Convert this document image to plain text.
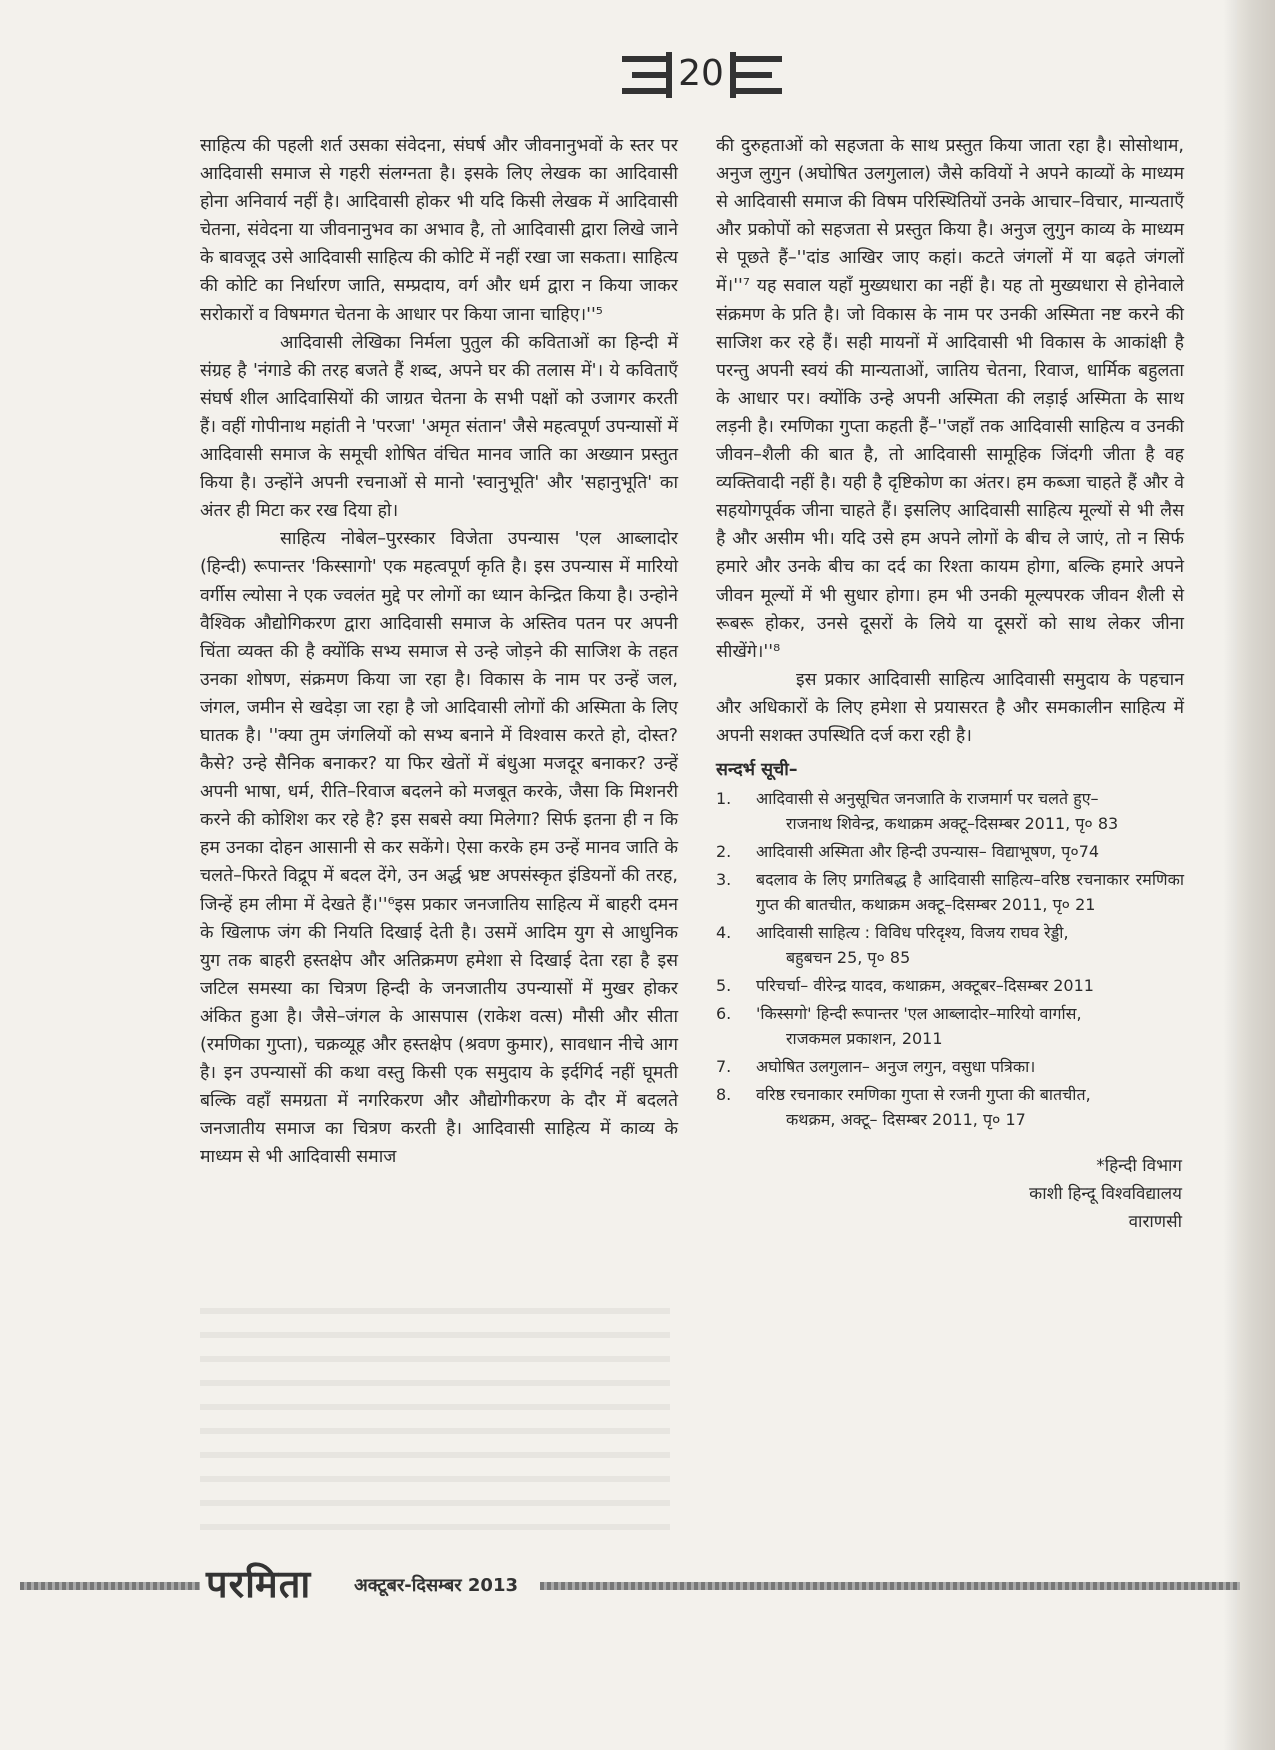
20

साहित्य की पहली शर्त उसका संवेदना, संघर्ष और जीवनानुभवों के स्तर पर आदिवासी समाज से गहरी संलग्नता है। इसके लिए लेखक का आदिवासी होना अनिवार्य नहीं है। आदिवासी होकर भी यदि किसी लेखक में आदिवासी चेतना, संवेदना या जीवनानुभव का अभाव है, तो आदिवासी द्वारा लिखे जाने के बावजूद उसे आदिवासी साहित्य की कोटि में नहीं रखा जा सकता। साहित्य की कोटि का निर्धारण जाति, सम्प्रदाय, वर्ग और धर्म द्वारा न किया जाकर सरोकारों व विषमगत चेतना के आधार पर किया जाना चाहिए।''⁵

आदिवासी लेखिका निर्मला पुतुल की कविताओं का हिन्दी में संग्रह है 'नंगाडे की तरह बजते हैं शब्द, अपने घर की तलास में'। ये कविताएँ संघर्ष शील आदिवासियों की जाग्रत चेतना के सभी पक्षों को उजागर करती हैं। वहीं गोपीनाथ महांती ने 'परजा' 'अमृत संतान' जैसे महत्वपूर्ण उपन्यासों में आदिवासी समाज के समूची शोषित वंचित मानव जाति का अख्यान प्रस्तुत किया है। उन्होंने अपनी रचनाओं से मानो 'स्वानुभूति' और 'सहानुभूति' का अंतर ही मिटा कर रख दिया हो।

साहित्य नोबेल–पुरस्कार विजेता उपन्यास 'एल आब्लादोर (हिन्दी) रूपान्तर 'किस्सागो' एक महत्वपूर्ण कृति है। इस उपन्यास में मारियो वर्गीस ल्योसा ने एक ज्वलंत मुद्दे पर लोगों का ध्यान केन्द्रित किया है। उन्होने वैश्विक औद्योगिकरण द्वारा आदिवासी समाज के अस्तिव पतन पर अपनी चिंता व्यक्त की है क्योंकि सभ्य समाज से उन्हे जोड़ने की साजिश के तहत उनका शोषण, संक्रमण किया जा रहा है। विकास के नाम पर उन्हें जल, जंगल, जमीन से खदेड़ा जा रहा है जो आदिवासी लोगों की अस्मिता के लिए घातक है। ''क्या तुम जंगलियों को सभ्य बनाने में विश्वास करते हो, दोस्त? कैसे? उन्हे सैनिक बनाकर? या फिर खेतों में बंधुआ मजदूर बनाकर? उन्हें अपनी भाषा, धर्म, रीति–रिवाज बदलने को मजबूत करके, जैसा कि मिशनरी करने की कोशिश कर रहे है? इस सबसे क्या मिलेगा? सिर्फ इतना ही न कि हम उनका दोहन आसानी से कर सकेंगे। ऐसा करके हम उन्हें मानव जाति के चलते–फिरते विद्रूप में बदल देंगे, उन अर्द्ध भ्रष्ट अपसंस्कृत इंडियनों की तरह, जिन्हें हम लीमा में देखते हैं।''⁶इस प्रकार जनजातिय साहित्य में बाहरी दमन के खिलाफ जंग की नियति दिखाई देती है। उसमें आदिम युग से आधुनिक युग तक बाहरी हस्तक्षेप और अतिक्रमण हमेशा से दिखाई देता रहा है इस जटिल समस्या का चित्रण हिन्दी के जनजातीय उपन्यासों में मुखर होकर अंकित हुआ है। जैसे–जंगल के आसपास (राकेश वत्स) मौसी और सीता (रमणिका गुप्ता), चक्रव्यूह और हस्तक्षेप (श्रवण कुमार), सावधान नीचे आग है। इन उपन्यासों की कथा वस्तु किसी एक समुदाय के इर्दगिर्द नहीं घूमती बल्कि वहाँ समग्रता में नगरिकरण और औद्योगीकरण के दौर में बदलते जनजातीय समाज का चित्रण करती है। आदिवासी साहित्य में काव्य के माध्यम से भी आदिवासी समाज

की दुरुहताओं को सहजता के साथ प्रस्तुत किया जाता रहा है। सोसोथाम, अनुज लुगुन (अघोषित उलगुलाल) जैसे कवियों ने अपने काव्यों के माध्यम से आदिवासी समाज की विषम परिस्थितियों उनके आचार–विचार, मान्यताएँ और प्रकोपों को सहजता से प्रस्तुत किया है। अनुज लुगुन काव्य के माध्यम से पूछते हैं–''दांड आखिर जाए कहां। कटते जंगलों में या बढ़ते जंगलों में।''⁷ यह सवाल यहाँ मुख्यधारा का नहीं है। यह तो मुख्यधारा से होनेवाले संक्रमण के प्रति है। जो विकास के नाम पर उनकी अस्मिता नष्ट करने की साजिश कर रहे हैं। सही मायनों में आदिवासी भी विकास के आकांक्षी है परन्तु अपनी स्वयं की मान्यताओं, जातिय चेतना, रिवाज, धार्मिक बहुलता के आधार पर। क्योंकि उन्हे अपनी अस्मिता की लड़ाई अस्मिता के साथ लड़नी है। रमणिका गुप्ता कहती हैं–''जहाँ तक आदिवासी साहित्य व उनकी जीवन–शैली की बात है, तो आदिवासी सामूहिक जिंदगी जीता है वह व्यक्तिवादी नहीं है। यही है दृष्टिकोण का अंतर। हम कब्जा चाहते हैं और वे सहयोगपूर्वक जीना चाहते हैं। इसलिए आदिवासी साहित्य मूल्यों से भी लैस है और असीम भी। यदि उसे हम अपने लोगों के बीच ले जाएं, तो न सिर्फ हमारे और उनके बीच का दर्द का रिश्ता कायम होगा, बल्कि हमारे अपने जीवन मूल्यों में भी सुधार होगा। हम भी उनकी मूल्यपरक जीवन शैली से रूबरू होकर, उनसे दूसरों के लिये या दूसरों को साथ लेकर जीना सीखेंगे।''⁸

इस प्रकार आदिवासी साहित्य आदिवासी समुदाय के पहचान और अधिकारों के लिए हमेशा से प्रयासरत है और समकालीन साहित्य में अपनी सशक्त उपस्थिति दर्ज करा रही है।

सन्दर्भ सूची–
1. आदिवासी से अनुसूचित जनजाति के राजमार्ग पर चलते हुए–
राजनाथ शिवेन्द्र, कथाक्रम अक्टू–दिसम्बर 2011, पृ० 83
2. आदिवासी अस्मिता और हिन्दी उपन्यास– विद्याभूषण, पृ०74
3. बदलाव के लिए प्रगतिबद्ध है आदिवासी साहित्य–वरिष्ठ रचनाकार रमणिका गुप्त की बातचीत, कथाक्रम अक्टू–दिसम्बर 2011, पृ० 21
4. आदिवासी साहित्य : विविध परिदृश्य, विजय राघव रेड्डी,
बहुबचन 25, पृ० 85
5. परिचर्चा– वीरेन्द्र यादव, कथाक्रम, अक्टूबर–दिसम्बर 2011
6. 'किस्सगो' हिन्दी रूपान्तर 'एल आब्लादोर–मारियो वार्गास,
राजकमल प्रकाशन, 2011
7. अघोषित उलगुलान– अनुज लगुन, वसुधा पत्रिका।
8. वरिष्ठ रचनाकार रमणिका गुप्ता से रजनी गुप्ता की बातचीत,
कथक्रम, अक्टू– दिसम्बर 2011, पृ० 17
*हिन्दी विभाग
काशी हिन्दू विश्वविद्यालय
वाराणसी
परमिता अक्टूबर-दिसम्बर 2013
